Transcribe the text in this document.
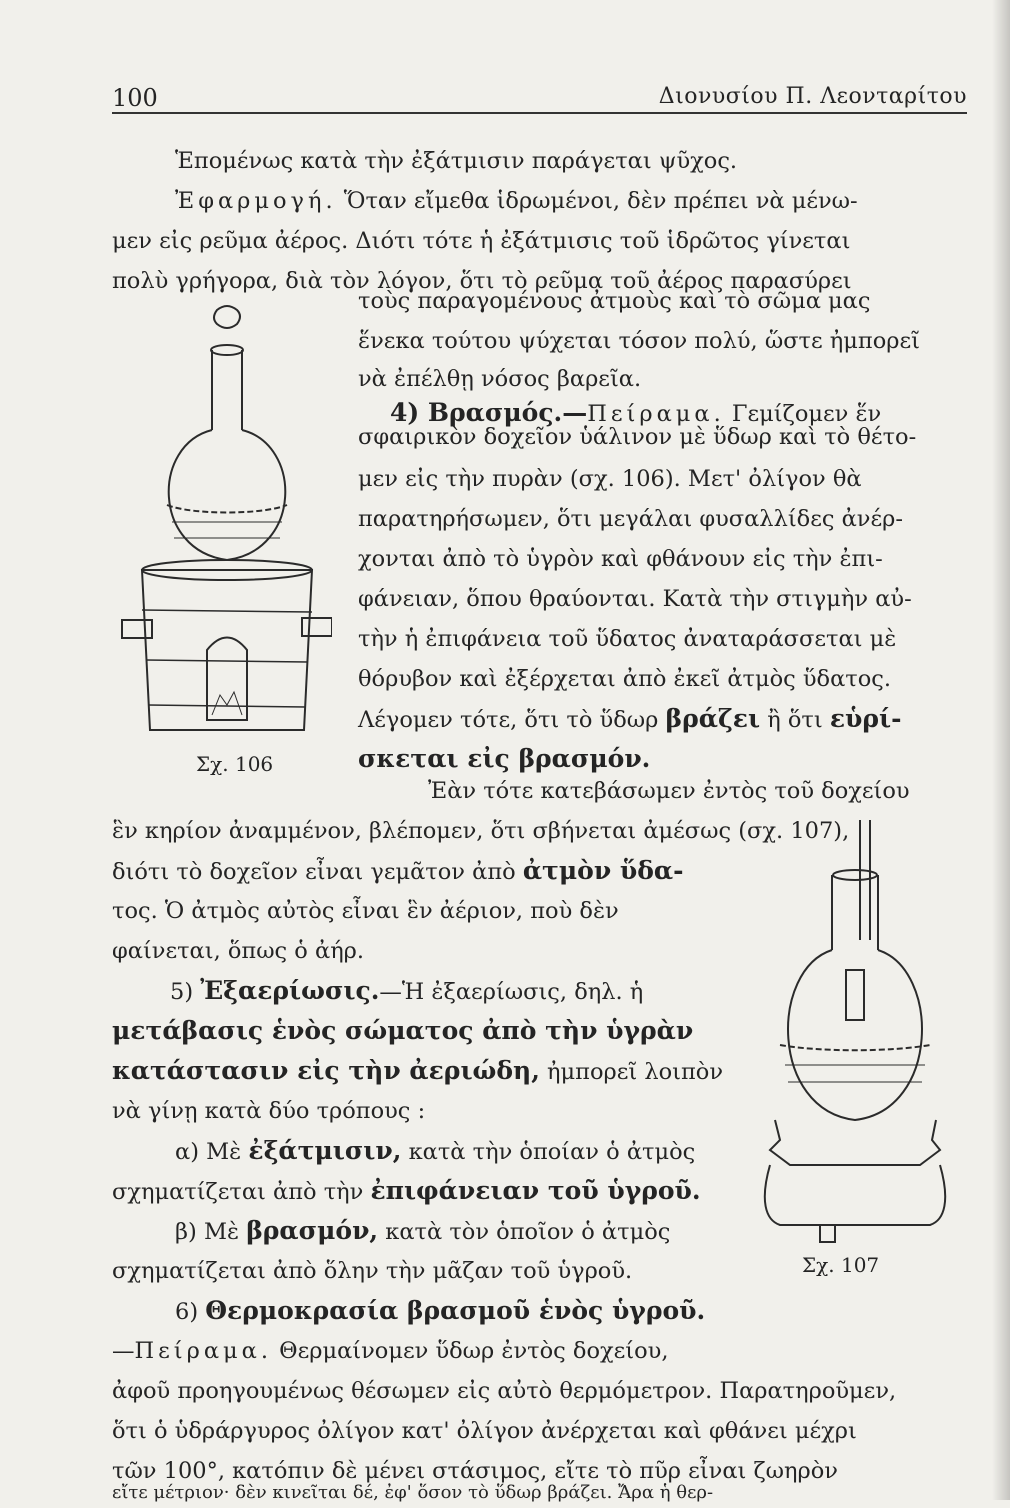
100	Διονυσίου Π. Λεονταρίτου
Ἑπομένως κατὰ τὴν ἐξάτμισιν παράγεται ψῦχος.
Ἐφαρμογή. Ὅταν εἴμεθα ἱδρωμένοι, δὲν πρέπει νὰ μένω-
μεν εἰς ρεῦμα ἀέρος. Διότι τότε ἡ ἐξάτμισις τοῦ ἱδρῶτος γίνεται
πολὺ γρήγορα, διὰ τὸν λόγον, ὅτι τὸ ρεῦμα τοῦ ἀέρος παρασύρει
τοὺς παραγομένους ἀτμοὺς καὶ τὸ σῶμα μας
ἕνεκα τούτου ψύχεται τόσον πολύ, ὥστε ἠμπορεῖ
νὰ ἐπέλθῃ νόσος βαρεῖα.
4) Βρασμός.—Πείραμα. Γεμίζομεν ἕν
σφαιρικὸν δοχεῖον ὑάλινον μὲ ὕδωρ καὶ τὸ θέτο-
μεν εἰς τὴν πυρὰν (σχ. 106). Μετ' ὀλίγον θὰ
παρατηρήσωμεν, ὅτι μεγάλαι φυσαλλίδες ἀνέρ-
χονται ἀπὸ τὸ ὑγρὸν καὶ φθάνουν εἰς τὴν ἐπι-
φάνειαν, ὅπου θραύονται. Κατὰ τὴν στιγμὴν αὐ-
τὴν ἡ ἐπιφάνεια τοῦ ὕδατος ἀναταράσσεται μὲ
θόρυβον καὶ ἐξέρχεται ἀπὸ ἐκεῖ ἀτμὸς ὕδατος.
Λέγομεν τότε, ὅτι τὸ ὕδωρ βράζει ἢ ὅτι εὑρί-
σκεται εἰς βρασμόν.
Ἐὰν τότε κατεβάσωμεν ἐντὸς τοῦ δοχείου
ἓν κηρίον ἀναμμένον, βλέπομεν, ὅτι σβήνεται ἀμέσως (σχ. 107),
διότι τὸ δοχεῖον εἶναι γεμᾶτον ἀπὸ ἀτμὸν ὕδα-
τος. Ὁ ἀτμὸς αὐτὸς εἶναι ἓν ἀέριον, ποὺ δὲν
φαίνεται, ὅπως ὁ ἀήρ.
5) Ἐξαερίωσις.—Ἡ ἐξαερίωσις, δηλ. ἡ
μετάβασις ἑνὸς σώματος ἀπὸ τὴν ὑγρὰν
κατάστασιν εἰς τὴν ἀεριώδη, ἠμπορεῖ λοιπὸν
νὰ γίνῃ κατὰ δύο τρόπους :
α) Μὲ ἐξάτμισιν, κατὰ τὴν ὁποίαν ὁ ἀτμὸς
σχηματίζεται ἀπὸ τὴν ἐπιφάνειαν τοῦ ὑγροῦ.
β) Μὲ βρασμόν, κατὰ τὸν ὁποῖον ὁ ἀτμὸς
σχηματίζεται ἀπὸ ὅλην τὴν μᾶζαν τοῦ ὑγροῦ.
6) Θερμοκρασία βρασμοῦ ἑνὸς ὑγροῦ.
—Πείραμα. Θερμαίνομεν ὕδωρ ἐντὸς δοχείου,
ἀφοῦ προηγουμένως θέσωμεν εἰς αὐτὸ θερμόμετρον. Παρατηροῦμεν,
ὅτι ὁ ὑδράργυρος ὀλίγον κατ' ὀλίγον ἀνέρχεται καὶ φθάνει μέχρι
τῶν 100°, κατόπιν δὲ μένει στάσιμος, εἴτε τὸ πῦρ εἶναι ζωηρὸν
εἴτε μέτριον· δὲν κινεῖται δέ, ἐφ' ὅσον τὸ ὕδωρ βράζει. Ἄρα ἡ θερ-
Σχ. 106
Σχ. 107
